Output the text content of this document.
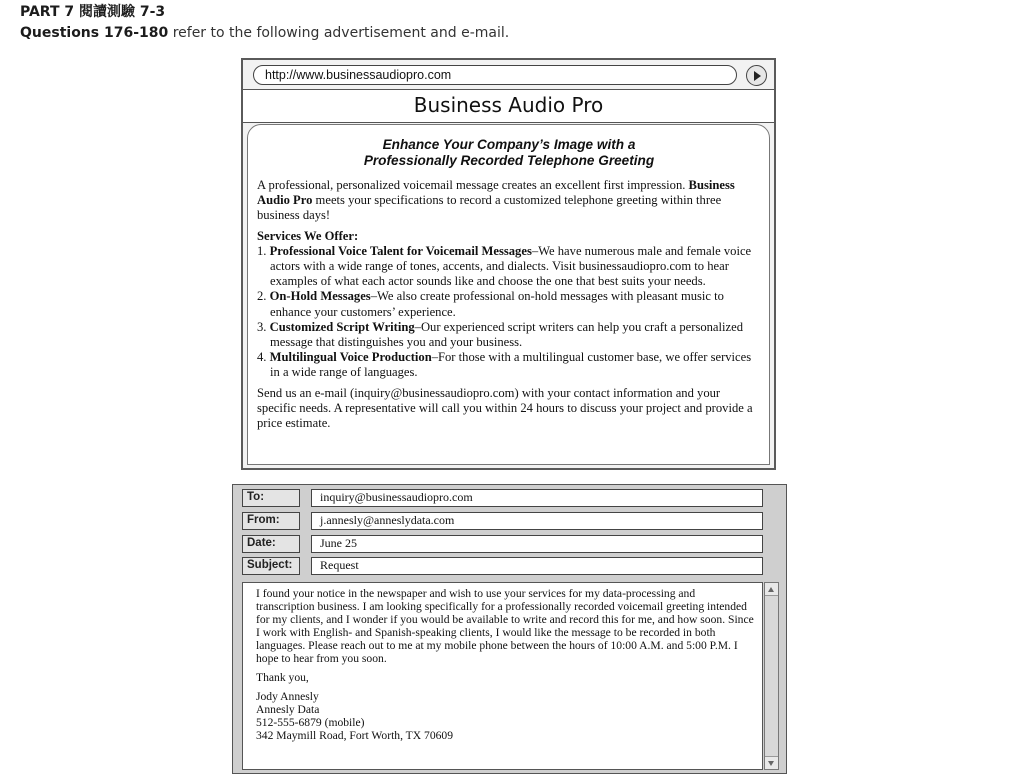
PART 7 閱讀測驗 7-3
Questions 176-180 refer to the following advertisement and e-mail.
http://www.businessaudiopro.com
Business Audio Pro
Enhance Your Company’s Image with a
Professionally Recorded Telephone Greeting

A professional, personalized voicemail message creates an excellent first impression. Business Audio Pro meets your specifications to record a customized telephone greeting within three business days!

Services We Offer:
1. Professional Voice Talent for Voicemail Messages–We have numerous male and female voice actors with a wide range of tones, accents, and dialects. Visit businessaudiopro.com to hear examples of what each actor sounds like and choose the one that best suits your needs.
2. On-Hold Messages–We also create professional on-hold messages with pleasant music to enhance your customers’ experience.
3. Customized Script Writing–Our experienced script writers can help you craft a personalized message that distinguishes you and your business.
4. Multilingual Voice Production–For those with a multilingual customer base, we offer services in a wide range of languages.

Send us an e-mail (inquiry@businessaudiopro.com) with your contact information and your specific needs. A representative will call you within 24 hours to discuss your project and provide a price estimate.

To:	inquiry@businessaudiopro.com
From:	j.annesly@anneslydata.com
Date:	June 25
Subject:	Request

I found your notice in the newspaper and wish to use your services for my data-processing and transcription business. I am looking specifically for a professionally recorded voicemail greeting intended for my clients, and I wonder if you would be available to write and record this for me, and how soon. Since I work with English- and Spanish-speaking clients, I would like the message to be recorded in both languages. Please reach out to me at my mobile phone between the hours of 10:00 A.M. and 5:00 P.M. I hope to hear from you soon.

Thank you,

Jody Annesly
Annesly Data
512-555-6879 (mobile)
342 Maymill Road, Fort Worth, TX 70609
